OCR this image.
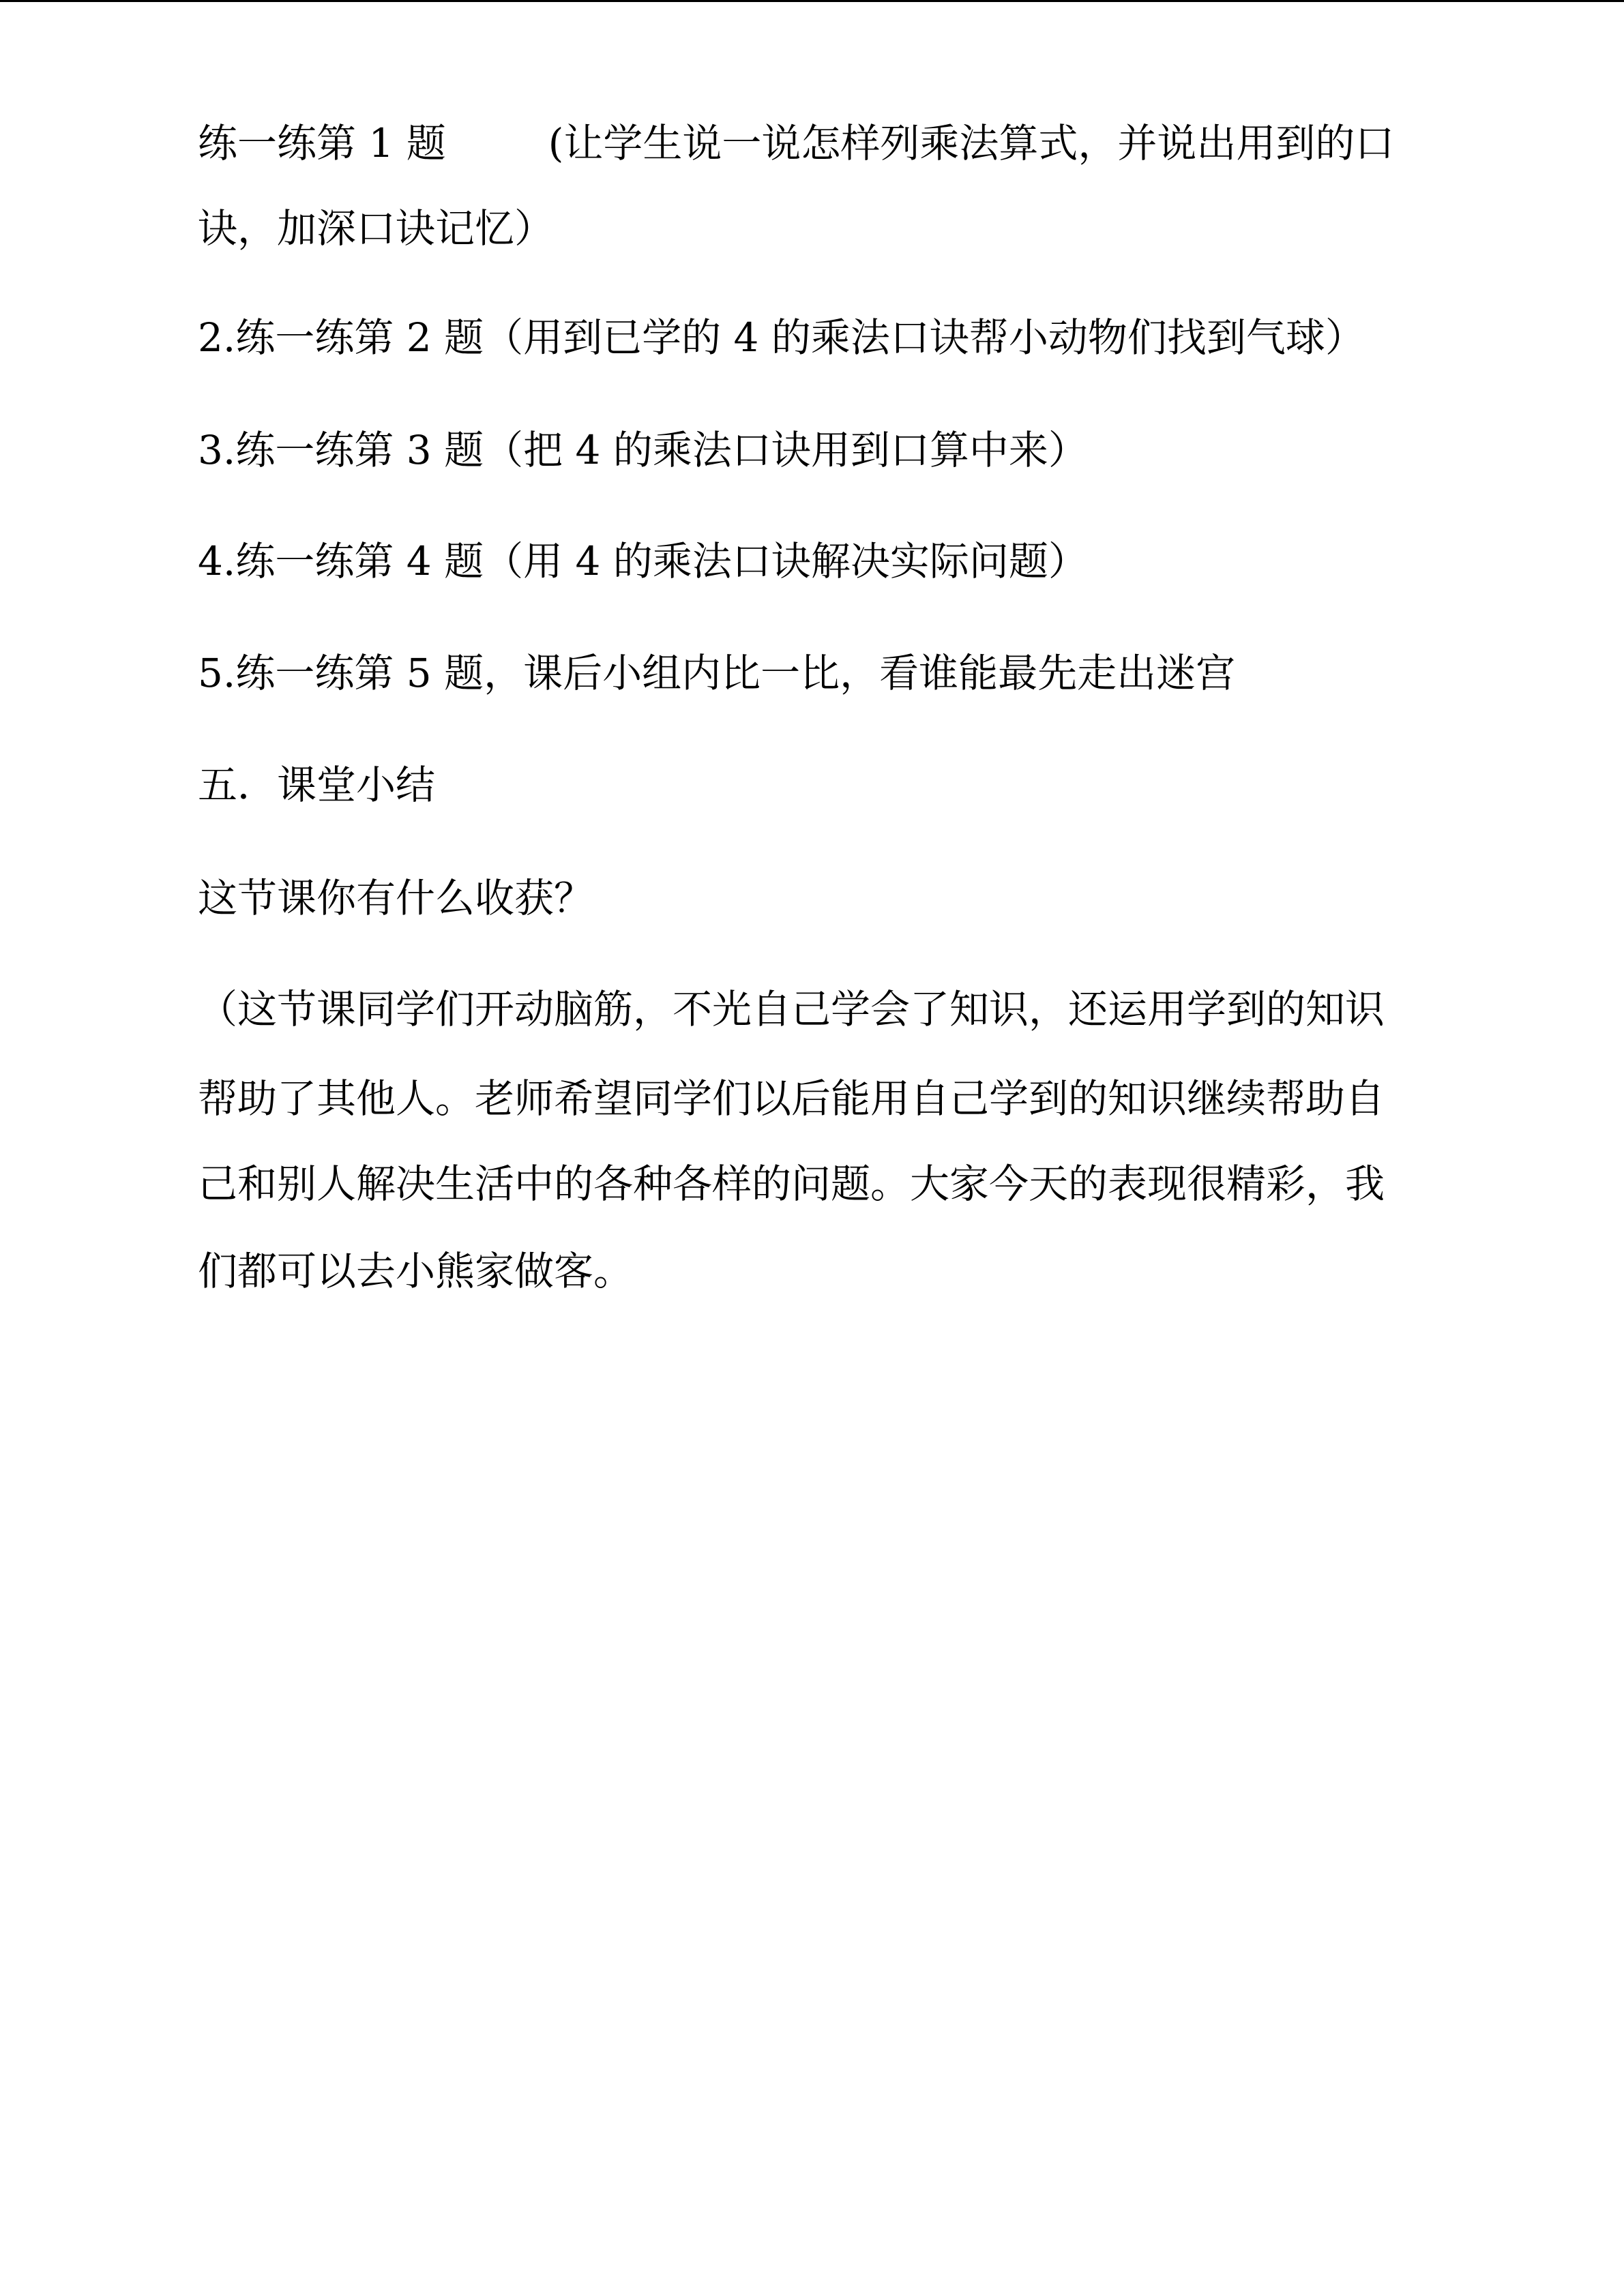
练一练第 1 题	(让学生说一说怎样列乘法算式，并说出用到的口
诀，加深口诀记忆）
2.练一练第 2 题（用到已学的 4 的乘法口诀帮小动物们找到气球）
3.练一练第 3 题（把 4 的乘法口诀用到口算中来）
4.练一练第 4 题（用 4 的乘法口诀解决实际问题）
5.练一练第 5 题，课后小组内比一比，看谁能最先走出迷宫
五．课堂小结
这节课你有什么收获？
（这节课同学们开动脑筋，不光自己学会了知识，还运用学到的知识
帮助了其他人。老师希望同学们以后能用自己学到的知识继续帮助自
己和别人解决生活中的各种各样的问题。大家今天的表现很精彩，我
们都可以去小熊家做客。
